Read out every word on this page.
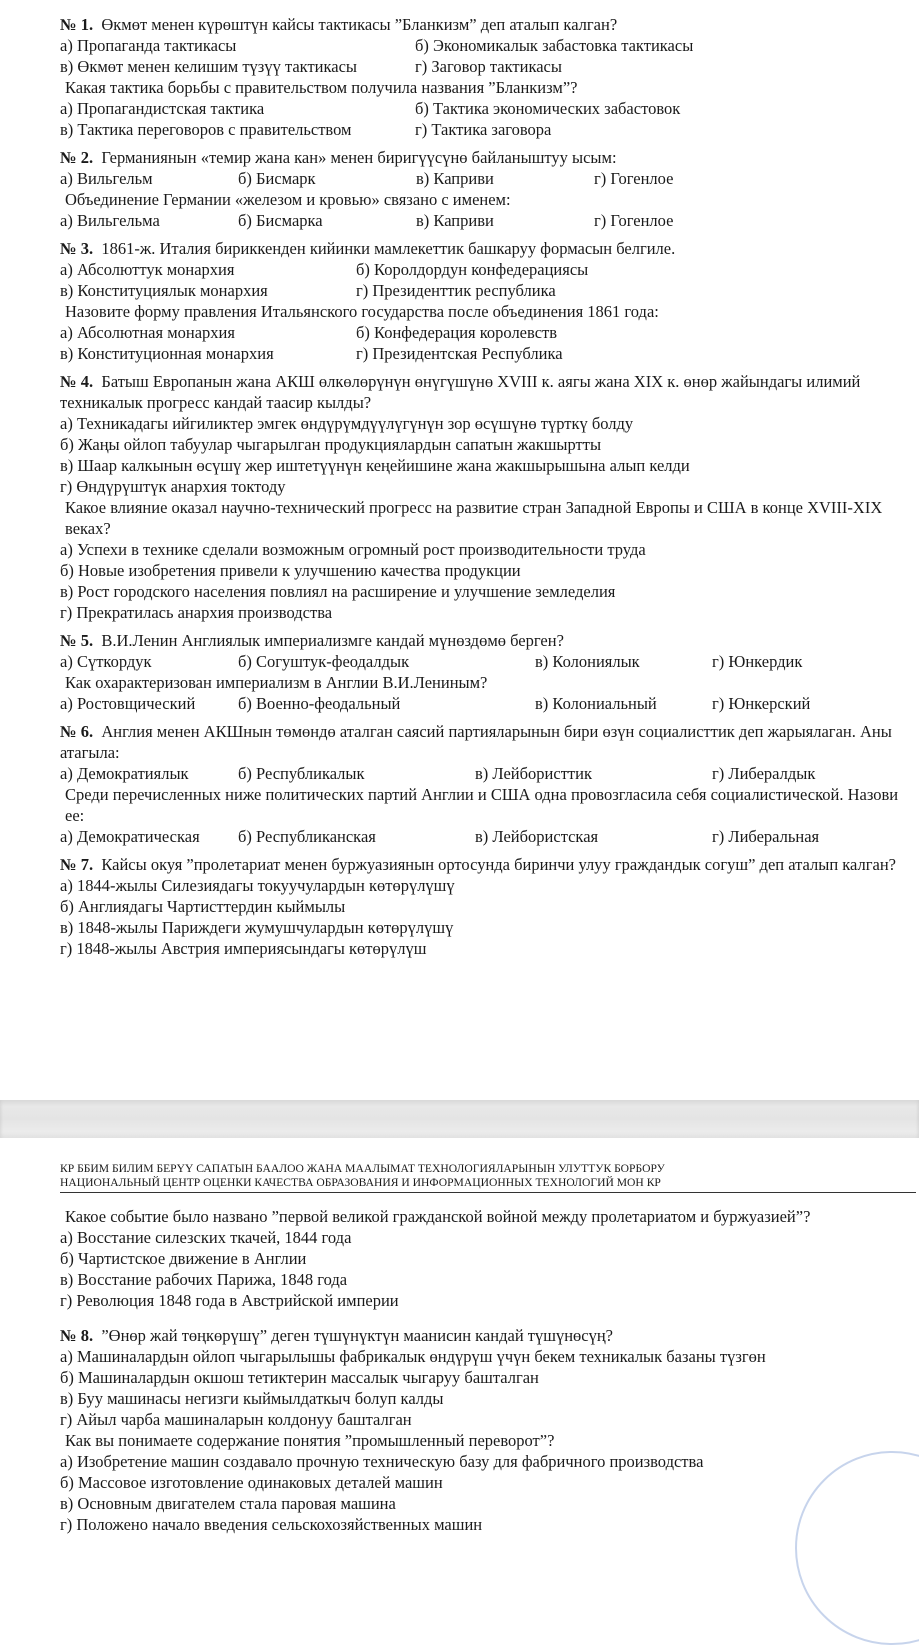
№ 1. Өкмөт менен күрөштүн кайсы тактикасы ”Бланкизм” деп аталып калган?
а) Пропаганда тактикасы	б) Экономикалык забастовка тактикасы
в) Өкмөт менен келишим түзүү тактикасы	г) Заговор тактикасы
Какая тактика борьбы с правительством получила названия ”Бланкизм”?
а) Пропагандистская тактика	б) Тактика экономических забастовок
в) Тактика переговоров с правительством	г) Тактика заговора
№ 2. Германиянын «темир жана кан» менен биригүүсүнө байланыштуу ысым:
а) Вильгельм	б) Бисмарк	в) Каприви	г) Гогенлое
Объединение Германии «железом и кровью» связано с именем:
а) Вильгельма	б) Бисмарка	в) Каприви	г) Гогенлое
№ 3. 1861-ж. Италия бириккенден кийинки мамлекеттик башкаруу формасын белгиле.
а) Абсолюттук монархия	б) Королдордун конфедерациясы
в) Конституциялык монархия	г) Президенттик республика
Назовите форму правления Итальянского государства после объединения 1861 года:
а) Абсолютная монархия	б) Конфедерация королевств
в) Конституционная монархия	г) Президентская Республика
№ 4. Батыш Европанын жана АКШ өлкөлөрүнүн өнүгүшүнө XVIII к. аягы жана XIX к. өнөр жайындагы илимий техникалык прогресс кандай таасир кылды?
а) Техникадагы ийгиликтер эмгек өндүрүмдүүлүгүнүн зор өсүшүнө түрткү болду
б) Жаңы ойлоп табуулар чыгарылган продукциялардын сапатын жакшыртты
в) Шаар калкынын өсүшү жер иштетүүнүн кеңейишине жана жакшырышына алып келди
г) Өндүрүштүк анархия токтоду
Какое влияние оказал научно-технический прогресс на развитие стран Западной Европы и США в конце XVIII-XIX веках?
а) Успехи в технике сделали возможным огромный рост производительности труда
б) Новые изобретения привели к улучшению качества продукции
в) Рост городского населения повлиял на расширение и улучшение земледелия
г) Прекратилась анархия производства
№ 5. В.И.Ленин Англиялык империализмге кандай мүнөздөмө берген?
а) Сүткордук	б) Согуштук-феодалдык	в) Колониялык	г) Юнкердик
Как охарактеризован империализм в Англии В.И.Лениным?
а) Ростовщический	б) Военно-феодальный	в) Колониальный	г) Юнкерский
№ 6. Англия менен АКШнын төмөндө аталган саясий партияларынын бири өзүн социалисттик деп жарыялаган. Аны атагыла:
а) Демократиялык	б) Республикалык	в) Лейбористтик	г) Либералдык
Среди перечисленных ниже политических партий Англии и США одна провозгласила себя социалистической. Назови ее:
а) Демократическая	б) Республиканская	в) Лейбористская	г) Либеральная
№ 7. Кайсы окуя ”пролетариат менен буржуазиянын ортосунда биринчи улуу граждандык согуш” деп аталып калган?
а) 1844-жылы Силезиядагы токуучулардын көтөрүлүшү
б) Англиядагы Чартисттердин кыймылы
в) 1848-жылы Париждеги жумушчулардын көтөрүлүшү
г) 1848-жылы Австрия империясындагы көтөрүлүш
КР ББИМ БИЛИМ БЕРҮҮ САПАТЫН БААЛОО ЖАНА МААЛЫМАТ ТЕХНОЛОГИЯЛАРЫНЫН УЛУТТУК БОРБОРУ
НАЦИОНАЛЬНЫЙ ЦЕНТР ОЦЕНКИ КАЧЕСТВА ОБРАЗОВАНИЯ И ИНФОРМАЦИОННЫХ ТЕХНОЛОГИЙ МОН КР
Какое событие было названо ”первой великой гражданской войной между пролетариатом и буржуазией”?
а) Восстание силезских ткачей, 1844 года
б) Чартистское движение в Англии
в) Восстание рабочих Парижа, 1848 года
г) Революция 1848 года в Австрийской империи
№ 8. ”Өнөр жай төңкөрүшү” деген түшүнүктүн маанисин кандай түшүнөсүң?
а) Машиналардын ойлоп чыгарылышы фабрикалык өндүрүш үчүн бекем техникалык базаны түзгөн
б) Машиналардын окшош тетиктерин массалык чыгаруу башталган
в) Буу машинасы негизги кыймылдаткыч болуп калды
г) Айыл чарба машиналарын колдонуу башталган
Как вы понимаете содержание понятия ”промышленный переворот”?
а) Изобретение машин создавало прочную техническую базу для фабричного производства
б) Массовое изготовление одинаковых деталей машин
в) Основным двигателем стала паровая машина
г) Положено начало введения сельскохозяйственных машин
